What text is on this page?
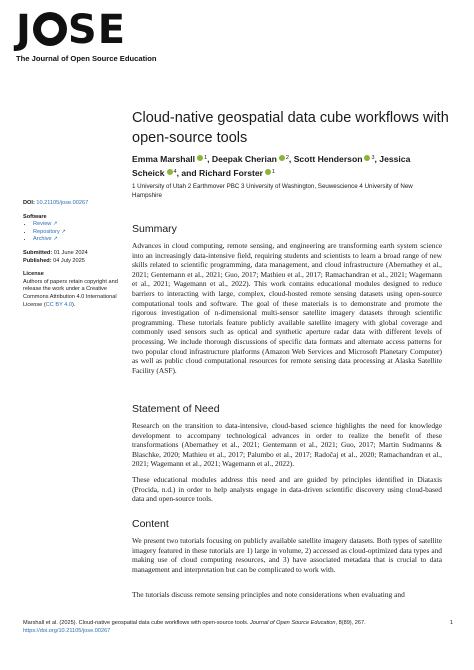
J SE
The Journal of Open Source Education
Cloud-native geospatial data cube workflows with open-source tools
Emma Marshall $^1$, Deepak Cherian $^2$, Scott Henderson $^3$, Jessica
Scheick $^4$, and Richard Forster $^1$
1 University of Utah 2 Earthmover PBC 3 University of Washington, Seuwescience 4 University of New Hampshire
DOI: 10.21105/jose.00267
Software
• Review ↗
• Repository ↗
• Archive ↗
Submitted: 01 June 2024
Published: 04 July 2025
License
Authors of papers retain copyright and release the work under a Creative Commons Attribution 4.0 International License (CC BY 4.0).
Summary
Advances in cloud computing, remote sensing, and engineering are transforming earth system science into an increasingly data-intensive field, requiring students and scientists to learn a broad range of new skills related to scientific programming, data management, and cloud infrastructure (Abernathey et al., 2021; Gentemann et al., 2021; Guo, 2017; Mathieu et al., 2017; Ramachandran et al., 2021; Wagemann et al., 2021; Wagemann et al., 2022). This work contains educational modules designed to reduce barriers to interacting with large, complex, cloud-hosted remote sensing datasets using open-source computational tools and software. The goal of these materials is to demonstrate and promote the rigorous investigation of n-dimensional multi-sensor satellite imagery datasets through scientific programming. These tutorials feature publicly available satellite imagery with global coverage and commonly used sensors such as optical and synthetic aperture radar data with different levels of processing. We include thorough discussions of specific data formats and alternate access patterns for two popular cloud infrastructure platforms (Amazon Web Services and Microsoft Planetary Computer) as well as public cloud computational resources for remote sensing data processing at Alaska Satellite Facility (ASF).
Statement of Need
Research on the transition to data-intensive, cloud-based science highlights the need for knowledge development to accompany technological advances in order to realize the benefit of these transformations (Abernathey et al., 2021; Gentemann et al., 2021; Guo, 2017; Martin Sudmanns & Blaschke, 2020; Mathieu et al., 2017; Palumbo et al., 2017; Radočaj et al., 2020; Ramachandran et al., 2021; Wagemann et al., 2021; Wagemann et al., 2022).
These educational modules address this need and are guided by principles identified in Diataxis (Procida, n.d.) in order to help analysts engage in data-driven scientific discovery using cloud-based data and open-source tools.
Content
We present two tutorials focusing on publicly available satellite imagery datasets. Both types of satellite imagery featured in these tutorials are 1) large in volume, 2) accessed as cloud-optimized data types and making use of cloud computing resources, and 3) have associated metadata that is crucial to data management and interpretation but can be complicated to work with.
The tutorials discuss remote sensing principles and note considerations when evaluating and
Marshall et al. (2025). Cloud-native geospatial data cube workflows with open-source tools. Journal of Open Source Education, 8(89), 267.
https://doi.org/10.21105/jose.00267
1
